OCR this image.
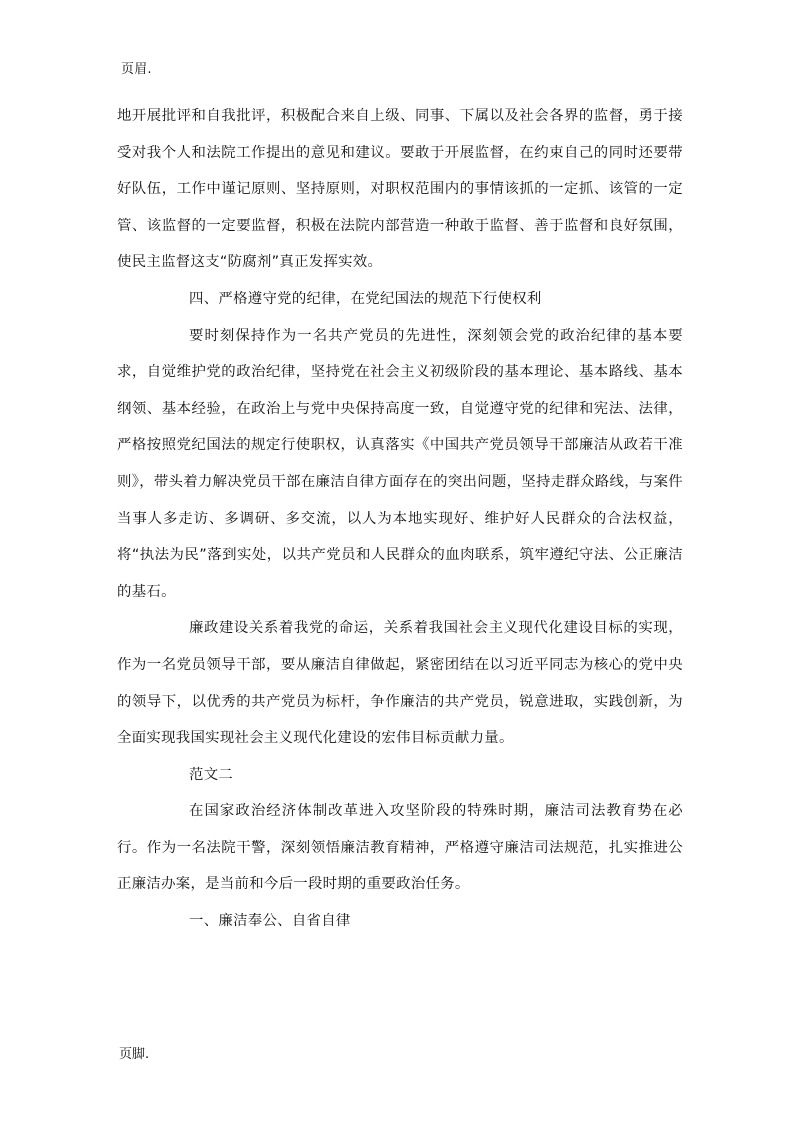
页眉.

地开展批评和自我批评，积极配合来自上级、同事、下属以及社会各界的监督，勇于接受对我个人和法院工作提出的意见和建议。要敢于开展监督，在约束自己的同时还要带好队伍，工作中谨记原则、坚持原则，对职权范围内的事情该抓的一定抓、该管的一定管、该监督的一定要监督，积极在法院内部营造一种敢于监督、善于监督和良好氛围，使民主监督这支“防腐剂”真正发挥实效。

四、严格遵守党的纪律，在党纪国法的规范下行使权利

要时刻保持作为一名共产党员的先进性，深刻领会党的政治纪律的基本要求，自觉维护党的政治纪律，坚持党在社会主义初级阶段的基本理论、基本路线、基本纲领、基本经验，在政治上与党中央保持高度一致，自觉遵守党的纪律和宪法、法律，严格按照党纪国法的规定行使职权，认真落实《中国共产党员领导干部廉洁从政若干准则》，带头着力解决党员干部在廉洁自律方面存在的突出问题，坚持走群众路线，与案件当事人多走访、多调研、多交流，以人为本地实现好、维护好人民群众的合法权益，将“执法为民”落到实处，以共产党员和人民群众的血肉联系，筑牢遵纪守法、公正廉洁的基石。

廉政建设关系着我党的命运，关系着我国社会主义现代化建设目标的实现，作为一名党员领导干部，要从廉洁自律做起，紧密团结在以习近平同志为核心的党中央的领导下，以优秀的共产党员为标杆，争作廉洁的共产党员，锐意进取，实践创新，为全面实现我国实现社会主义现代化建设的宏伟目标贡献力量。

范文二

在国家政治经济体制改革进入攻坚阶段的特殊时期，廉洁司法教育势在必行。作为一名法院干警，深刻领悟廉洁教育精神，严格遵守廉洁司法规范，扎实推进公正廉洁办案，是当前和今后一段时期的重要政治任务。

一、廉洁奉公、自省自律

页脚.
